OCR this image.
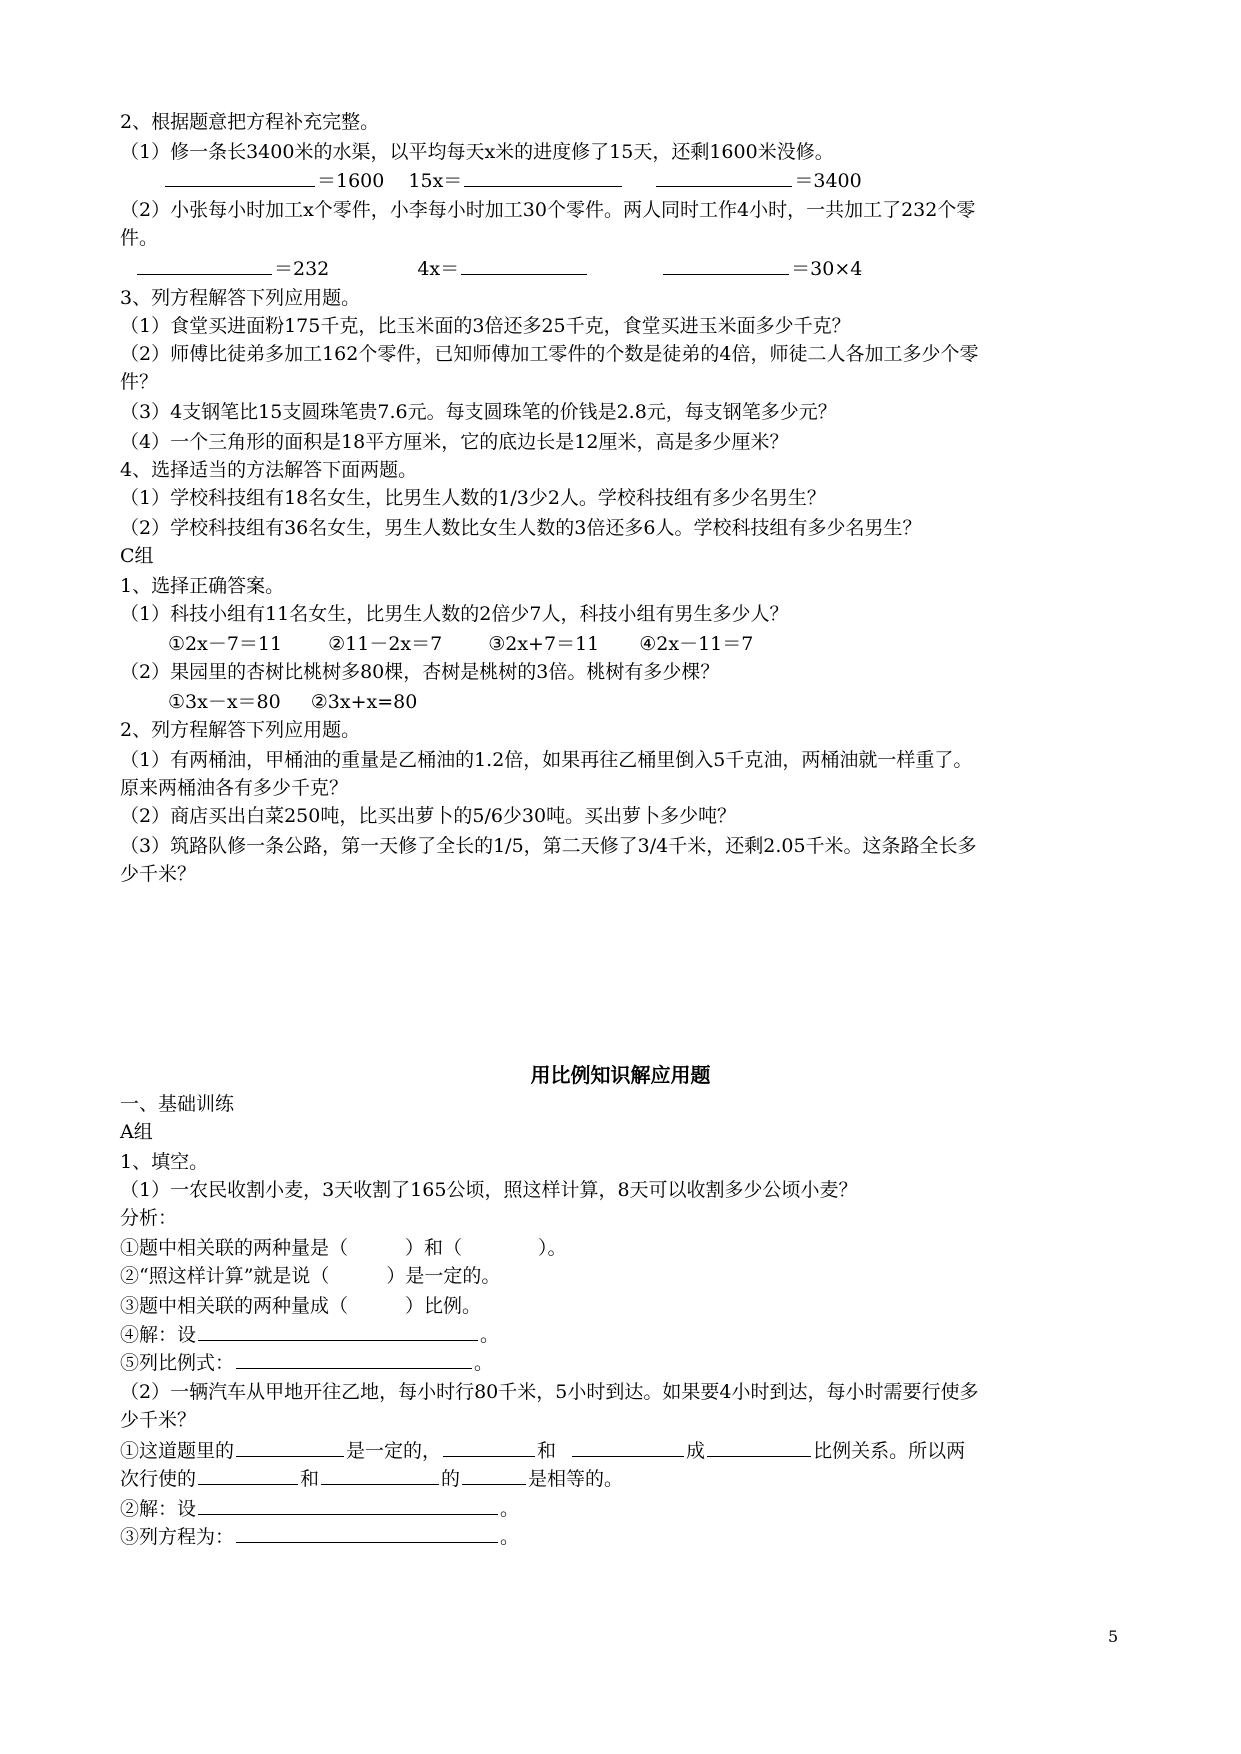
2、根据题意把方程补充完整。
（1）修一条长3400米的水渠，以平均每天x米的进度修了15天，还剩1600米没修。
＝1600 15x＝	＝3400
（2）小张每小时加工x个零件，小李每小时加工30个零件。两人同时工作4小时，一共加工了232个零
件。
＝232	4x＝	＝30×4
3、列方程解答下列应用题。
（1）食堂买进面粉175千克，比玉米面的3倍还多25千克，食堂买进玉米面多少千克？
（2）师傅比徒弟多加工162个零件，已知师傅加工零件的个数是徒弟的4倍，师徒二人各加工多少个零
件？
（3）4支钢笔比15支圆珠笔贵7.6元。每支圆珠笔的价钱是2.8元，每支钢笔多少元？
（4）一个三角形的面积是18平方厘米，它的底边长是12厘米，高是多少厘米？
4、选择适当的方法解答下面两题。
（1）学校科技组有18名女生，比男生人数的1/3少2人。学校科技组有多少名男生？
（2）学校科技组有36名女生，男生人数比女生人数的3倍还多6人。学校科技组有多少名男生？
C组
1、选择正确答案。
（1）科技小组有11名女生，比男生人数的2倍少7人，科技小组有男生多少人？
①2x－7＝11 ②11－2x＝7 ③2x+7＝11 ④2x－11＝7
（2）果园里的杏树比桃树多80棵，杏树是桃树的3倍。桃树有多少棵？
①3x－x＝80 ②3x+x=80
2、列方程解答下列应用题。
（1）有两桶油，甲桶油的重量是乙桶油的1.2倍，如果再往乙桶里倒入5千克油，两桶油就一样重了。
原来两桶油各有多少千克？
（2）商店买出白菜250吨，比买出萝卜的5/6少30吨。买出萝卜多少吨？
（3）筑路队修一条公路，第一天修了全长的1/5，第二天修了3/4千米，还剩2.05千米。这条路全长多
少千米？
用比例知识解应用题
一、基础训练
A组
1、填空。
（1）一农民收割小麦，3天收割了165公顷，照这样计算，8天可以收割多少公顷小麦？
分析：
①题中相关联的两种量是（　　　）和（　　　　）。
②“照这样计算”就是说（　　　）是一定的。
③题中相关联的两种量成（　　　）比例。
④解：设	。
⑤列比例式：	。
（2）一辆汽车从甲地开往乙地，每小时行80千米，5小时到达。如果要4小时到达，每小时需要行使多
少千米？
①这道题里的	是一定的，	和	成	比例关系。所以两
次行使的	和	的	是相等的。
②解：设	。
③列方程为：	。
5
